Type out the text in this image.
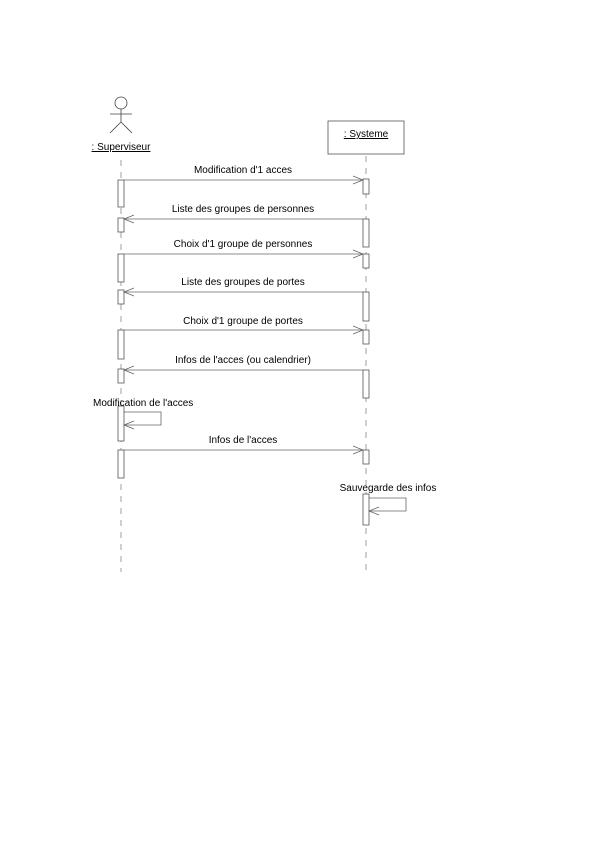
: Superviseur
: Systeme
Modification d'1 acces
Liste des groupes de personnes
Choix d'1 groupe de personnes
Liste des groupes de portes
Choix d'1 groupe de portes
Infos de l'acces (ou calendrier)
Modification de l'acces
Infos de l'acces
Sauvegarde des infos
